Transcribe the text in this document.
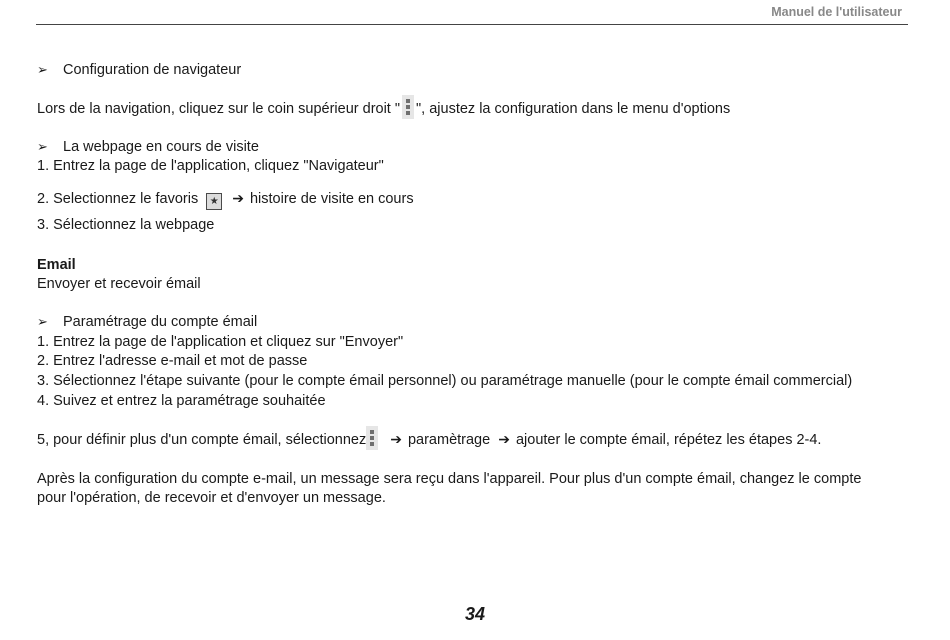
Manuel de l'utilisateur
➢ Configuration de navigateur
Lors de la navigation, cliquez sur le coin supérieur droit " ", ajustez la configuration dans le menu d'options
➢ La webpage en cours de visite
1. Entrez la page de l'application, cliquez "Navigateur"
2. Selectionnez le favoris ★ ➔ histoire de visite en cours
3. Sélectionnez la webpage
Email
Envoyer et recevoir émail
➢ Paramétrage du compte émail
1. Entrez la page de l'application et cliquez sur "Envoyer"
2. Entrez l'adresse e-mail et mot de passe
3. Sélectionnez l'étape suivante (pour le compte émail personnel) ou paramétrage manuelle (pour le compte émail commercial)
4. Suivez et entrez la paramétrage souhaitée
5, pour définir plus d'un compte émail, sélectionnez ➔ paramètrage ➔ ajouter le compte émail, répétez les étapes 2-4.
Après la configuration du compte e-mail, un message sera reçu dans l'appareil. Pour plus d'un compte émail, changez le compte
pour l'opération, de recevoir et d'envoyer un message.
34
